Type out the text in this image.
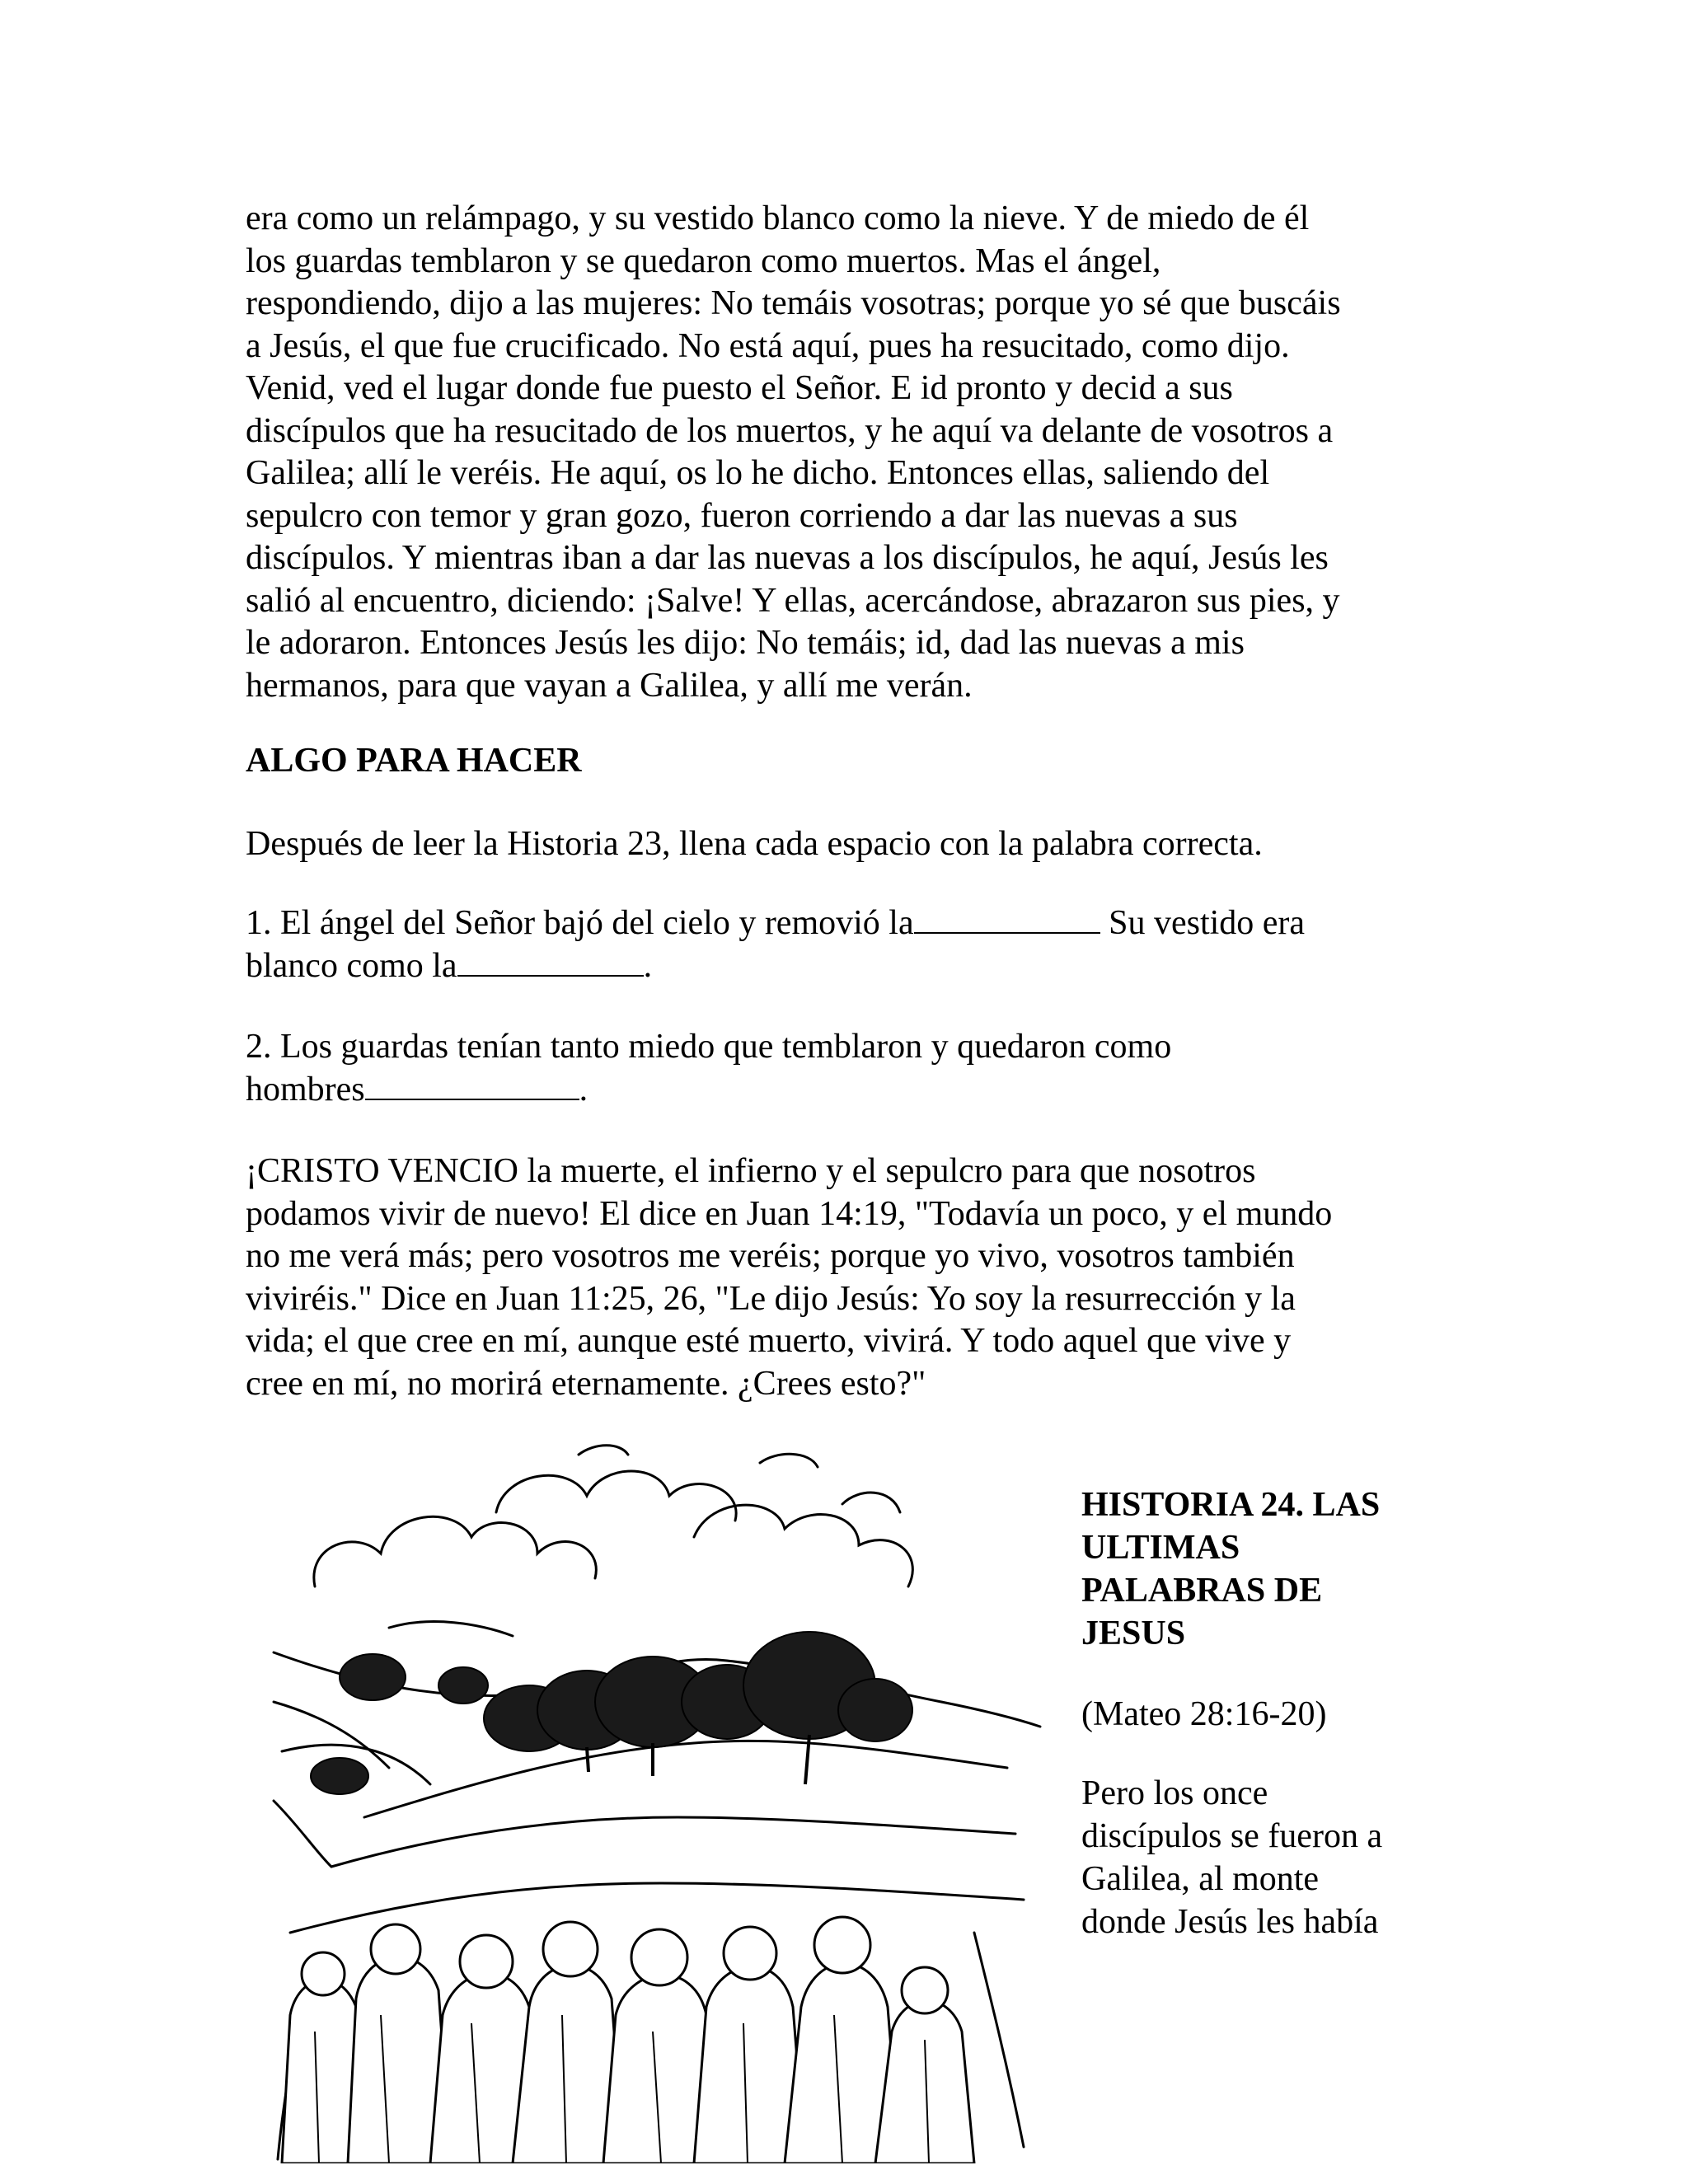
era como un relámpago, y su vestido blanco como la nieve. Y de miedo de él
los guardas temblaron y se quedaron como muertos. Mas el ángel,
respondiendo, dijo a las mujeres: No temáis vosotras; porque yo sé que buscáis
a Jesús, el que fue crucificado. No está aquí, pues ha resucitado, como dijo.
Venid, ved el lugar donde fue puesto el Señor. E id pronto y decid a sus
discípulos que ha resucitado de los muertos, y he aquí va delante de vosotros a
Galilea; allí le veréis. He aquí, os lo he dicho. Entonces ellas, saliendo del
sepulcro con temor y gran gozo, fueron corriendo a dar las nuevas a sus
discípulos. Y mientras iban a dar las nuevas a los discípulos, he aquí, Jesús les
salió al encuentro, diciendo: ¡Salve! Y ellas, acercándose, abrazaron sus pies, y
le adoraron. Entonces Jesús les dijo: No temáis; id, dad las nuevas a mis
hermanos, para que vayan a Galilea, y allí me verán.
ALGO PARA HACER
Después de leer la Historia 23, llena cada espacio con la palabra correcta.
1. El ángel del Señor bajó del cielo y removió la	Su vestido era
blanco como la	.
2. Los guardas tenían tanto miedo que temblaron y quedaron como
hombres	.
¡CRISTO VENCIO la muerte, el infierno y el sepulcro para que nosotros
podamos vivir de nuevo! El dice en Juan 14:19, "Todavía un poco, y el mundo
no me verá más; pero vosotros me veréis; porque yo vivo, vosotros también
viviréis." Dice en Juan 11:25, 26, "Le dijo Jesús: Yo soy la resurrección y la
vida; el que cree en mí, aunque esté muerto, vivirá. Y todo aquel que vive y
cree en mí, no morirá eternamente. ¿Crees esto?"
HISTORIA 24. LAS
ULTIMAS
PALABRAS DE
JESUS
(Mateo 28:16-20)
Pero los once
discípulos se fueron a
Galilea, al monte
donde Jesús les había
